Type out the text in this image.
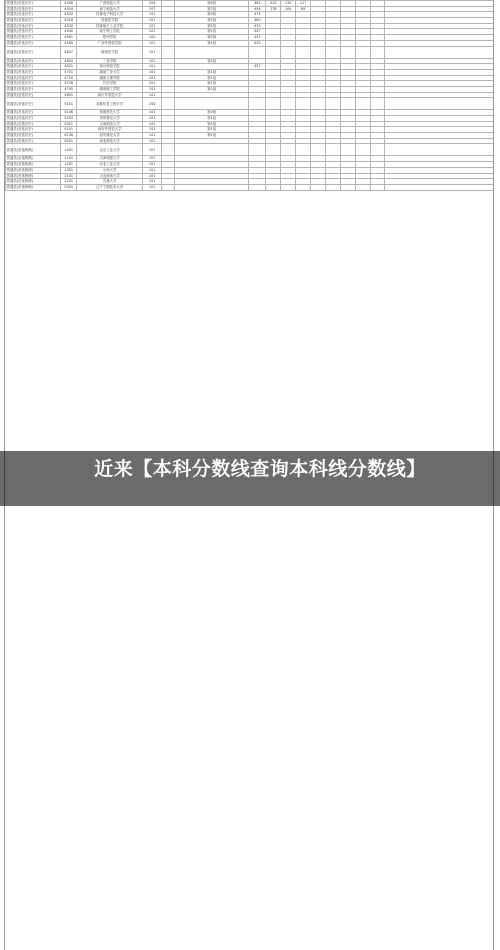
普通类(首选历史)	4506	广西师范大学	104		第6组	461	210	110	117						
普通类(首选历史)	4516	南宁师范大学	107		第7组	458	178	104	89						
普通类(首选历史)	4520	桂林电子科技大学	101		第5组	474									
普通类(首选历史)	4526	桂林医学院	101		第1组	480									
普通类(首选历史)	4530	桂林航天工业学院	101		第1组	432									
普通类(首选历史)	4540	南宁理工学院	101		第1组	447									
普通类(首选历史)	4561	梧州学院	102		第2组	447									
普通类(首选历史)	4565	广西外国语学院	101		第1组	432									
普通类(首选历史)	4607	海南医学院	101												
普通类(首选历史)	4620	三亚学院	101		第1组										
普通类(首选历史)	4631	琼台师范学院	101			457									
普通类(首选历史)	4701	湖南工业大学	101		第1组										
普通类(首选历史)	4716	湖南文理学院	101		第1组										
普通类(首选历史)	4728	长沙学院	101		第1组										
普通类(首选历史)	4745	湖南理工学院	101		第1组										
普通类(首选历史)	4801	四川外国语大学	101												
普通类(首选历史)	5101	成都信息工程大学	204												
普通类(首选历史)	5146	西南科技大学	101		第4组										
普通类(首选历史)	5203	贵州财经大学	101		第1组										
普通类(首选历史)	5321	云南师范大学	101		第1组										
普通类(首选历史)	6101	西安外国语大学	101		第1组										
普通类(首选历史)	6136	西安财经大学	101		第1组										
普通类(首选历史)	6201	西北师范大学	101												
普通类(首选物理)	1001	北京工业大学	101												
普通类(首选物理)	1101	天津城建大学	101												
普通类(首选物理)	1201	河北工业大学	101												
普通类(首选物理)	1301	山西大学	101												
普通类(首选物理)	2101	大连海事大学	101												
普通类(首选物理)	2201	吉林大学	101												
普通类(首选物理)	2301	辽宁工程技术大学	101												
近来【本科分数线查询本科线分数线】
